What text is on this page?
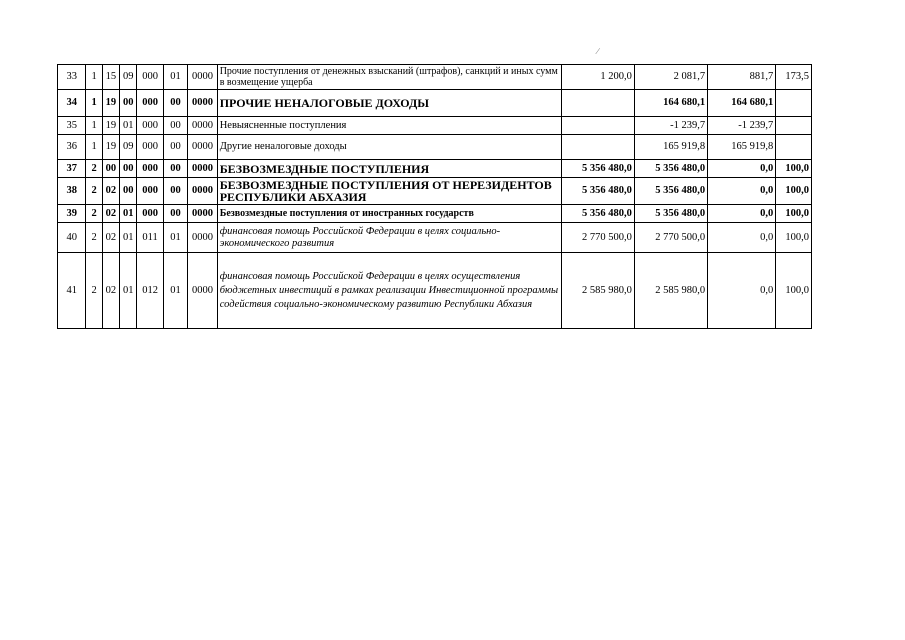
∕
33	1	15	09	000	01	0000	Прочие поступления от денежных взысканий (штрафов), санкций и иных сумм в возмещение ущерба	1 200,0	2 081,7	881,7	173,5
34	1	19	00	000	00	0000	ПРОЧИЕ НЕНАЛОГОВЫЕ ДОХОДЫ		164 680,1	164 680,1	
35	1	19	01	000	00	0000	Невыясненные поступления		-1 239,7	-1 239,7	
36	1	19	09	000	00	0000	Другие неналоговые доходы		165 919,8	165 919,8	
37	2	00	00	000	00	0000	БЕЗВОЗМЕЗДНЫЕ ПОСТУПЛЕНИЯ	5 356 480,0	5 356 480,0	0,0	100,0
38	2	02	00	000	00	0000	БЕЗВОЗМЕЗДНЫЕ ПОСТУПЛЕНИЯ ОТ НЕРЕЗИДЕНТОВ РЕСПУБЛИКИ АБХАЗИЯ	5 356 480,0	5 356 480,0	0,0	100,0
39	2	02	01	000	00	0000	Безвозмездные поступления от иностранных государств	5 356 480,0	5 356 480,0	0,0	100,0
40	2	02	01	011	01	0000	финансовая помощь Российской Федерации в целях социально-экономического развития	2 770 500,0	2 770 500,0	0,0	100,0
41	2	02	01	012	01	0000	финансовая помощь Российской Федерации в целях осуществления бюджетных инвестиций в рамках реализации Инвестиционной программы содействия социально-экономическому развитию Республики Абхазия	2 585 980,0	2 585 980,0	0,0	100,0
